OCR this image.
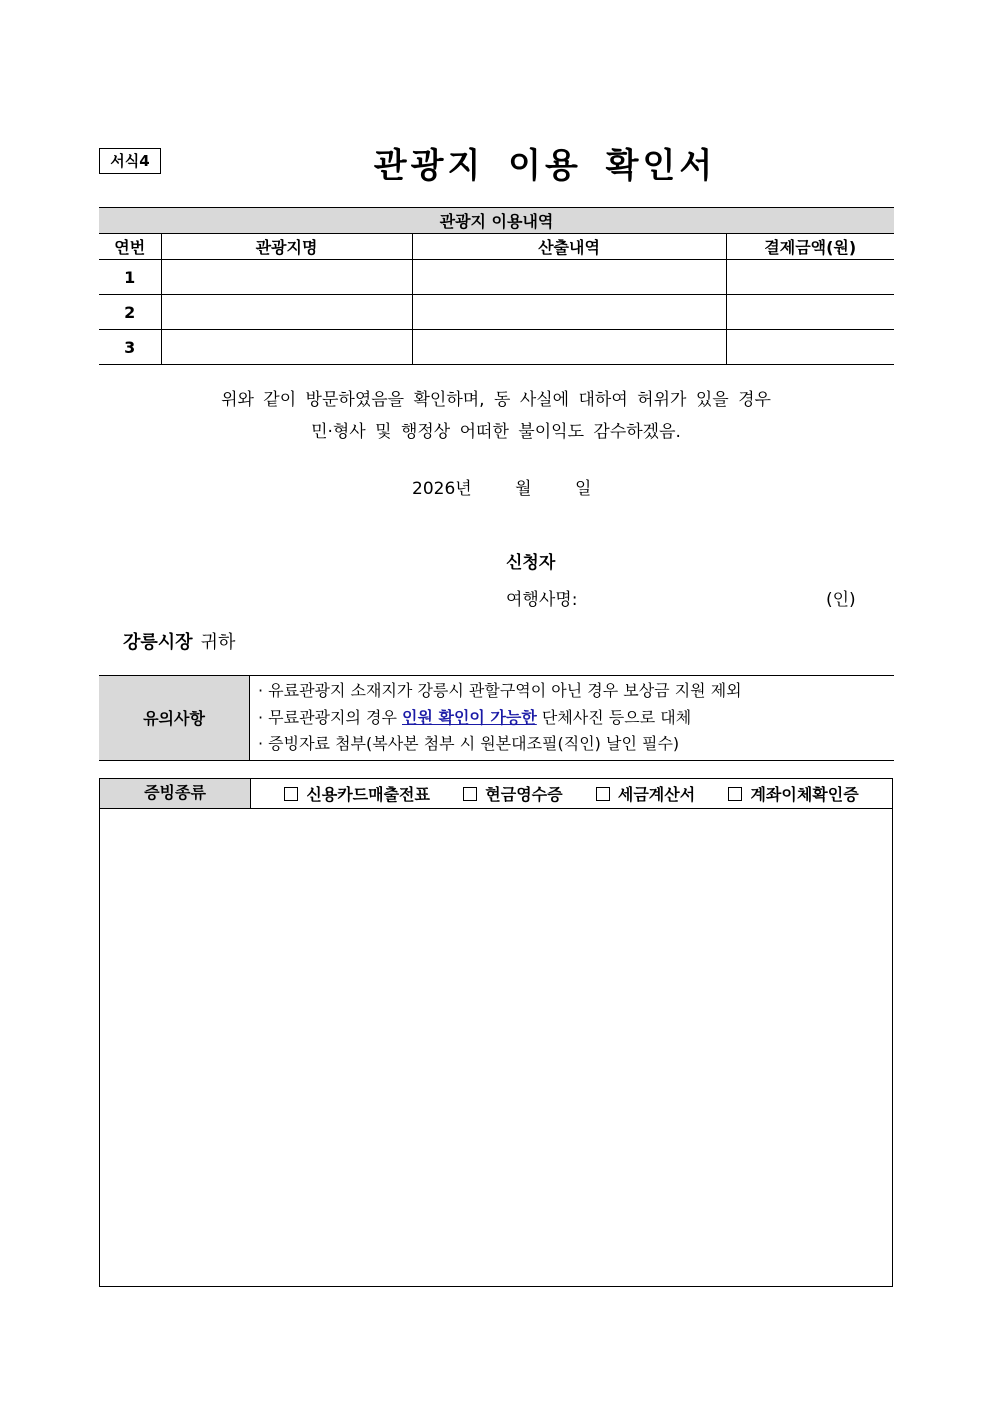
서식4	관광지 이용 확인서
관광지 이용내역			
연번	관광지명	산출내역	결제금액(원)
1			
2			
3			
위와 같이 방문하였음을 확인하며, 동 사실에 대하여 허위가 있을 경우
민·형사 및 행정상 어떠한 불이익도 감수하겠음.
2026년	월	일
신청자
여행사명:	(인)
강릉시장 귀하
유의사항	
· 유료관광지 소재지가 강릉시 관할구역이 아닌 경우 보상금 지원 제외
· 무료관광지의 경우 인원 확인이 가능한 단체사진 등으로 대체
· 증빙자료 첨부(복사본 첨부 시 원본대조필(직인) 날인 필수)
증빙종류	신용카드매출전표	현금영수증	세금계산서	계좌이체확인증
